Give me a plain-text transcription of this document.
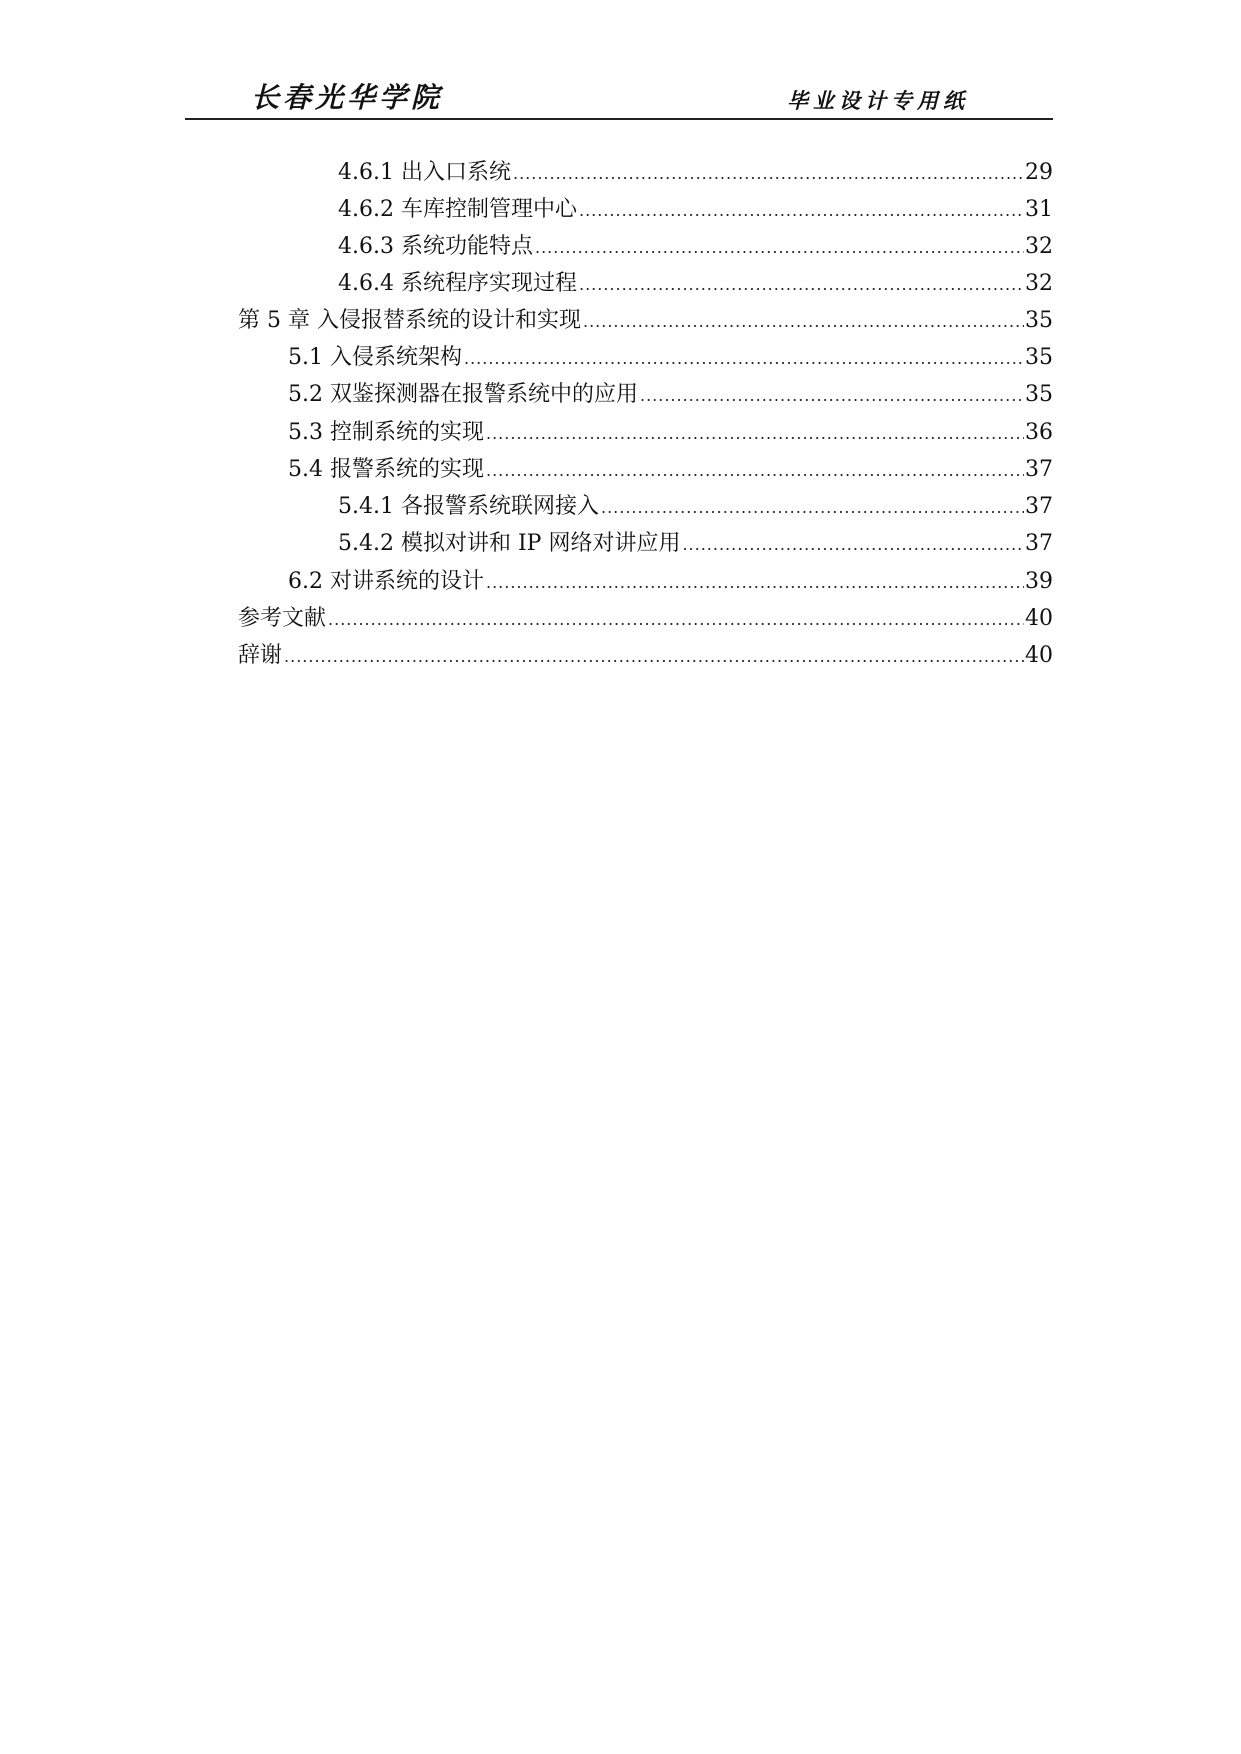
长春光华学院	毕业设计专用纸
4.6.1 出入口系统 .....	29
4.6.2 车库控制管理中心 .....	31
4.6.3 系统功能特点 .....	32
4.6.4 系统程序实现过程 .....	32
第 5 章 入侵报替系统的设计和实现 .....	35
5.1 入侵系统架构 .....	35
5.2 双鉴探测器在报警系统中的应用 .....	35
5.3 控制系统的实现 .....	36
5.4 报警系统的实现 .....	37
5.4.1 各报警系统联网接入 .....	37
5.4.2 模拟对讲和 IP 网络对讲应用 .....	37
6.2 对讲系统的设计 .....	39
参考文献 .....	40
辞谢 .....	40
